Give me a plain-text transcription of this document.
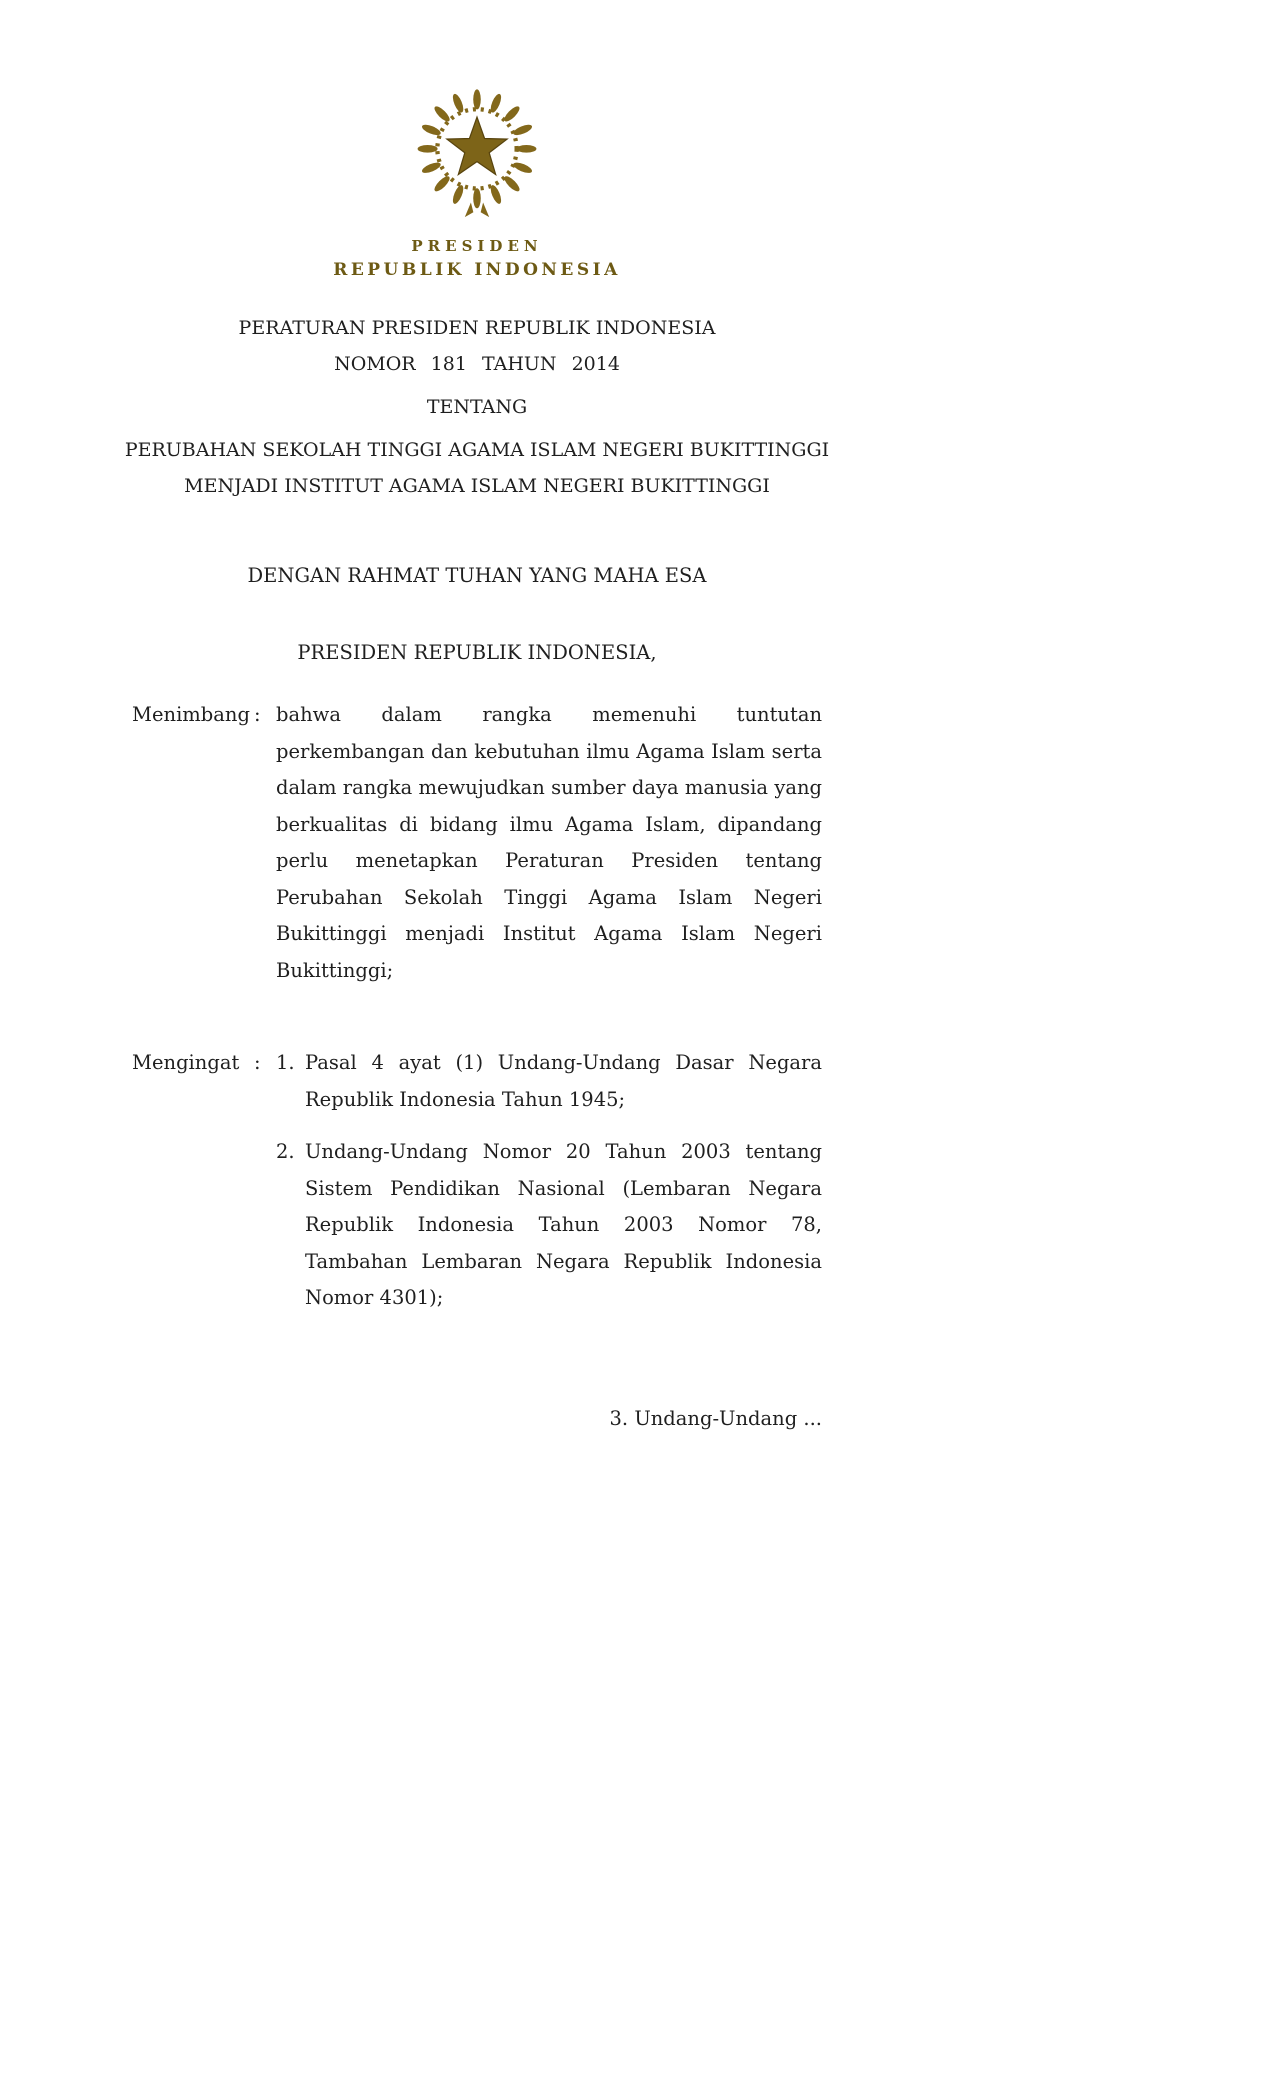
PRESIDEN
REPUBLIK INDONESIA
PERATURAN PRESIDEN REPUBLIK INDONESIA
NOMOR 181 TAHUN 2014
TENTANG
PERUBAHAN SEKOLAH TINGGI AGAMA ISLAM NEGERI BUKITTINGGI
MENJADI INSTITUT AGAMA ISLAM NEGERI BUKITTINGGI
DENGAN RAHMAT TUHAN YANG MAHA ESA
PRESIDEN REPUBLIK INDONESIA,
Menimbang : bahwa dalam rangka memenuhi tuntutan perkembangan dan kebutuhan ilmu Agama Islam serta dalam rangka mewujudkan sumber daya manusia yang berkualitas di bidang ilmu Agama Islam, dipandang perlu menetapkan Peraturan Presiden tentang Perubahan Sekolah Tinggi Agama Islam Negeri Bukittinggi menjadi Institut Agama Islam Negeri Bukittinggi;
Mengingat : 1. Pasal 4 ayat (1) Undang-Undang Dasar Negara Republik Indonesia Tahun 1945;
2. Undang-Undang Nomor 20 Tahun 2003 tentang Sistem Pendidikan Nasional (Lembaran Negara Republik Indonesia Tahun 2003 Nomor 78, Tambahan Lembaran Negara Republik Indonesia Nomor 4301);
3. Undang-Undang ...
